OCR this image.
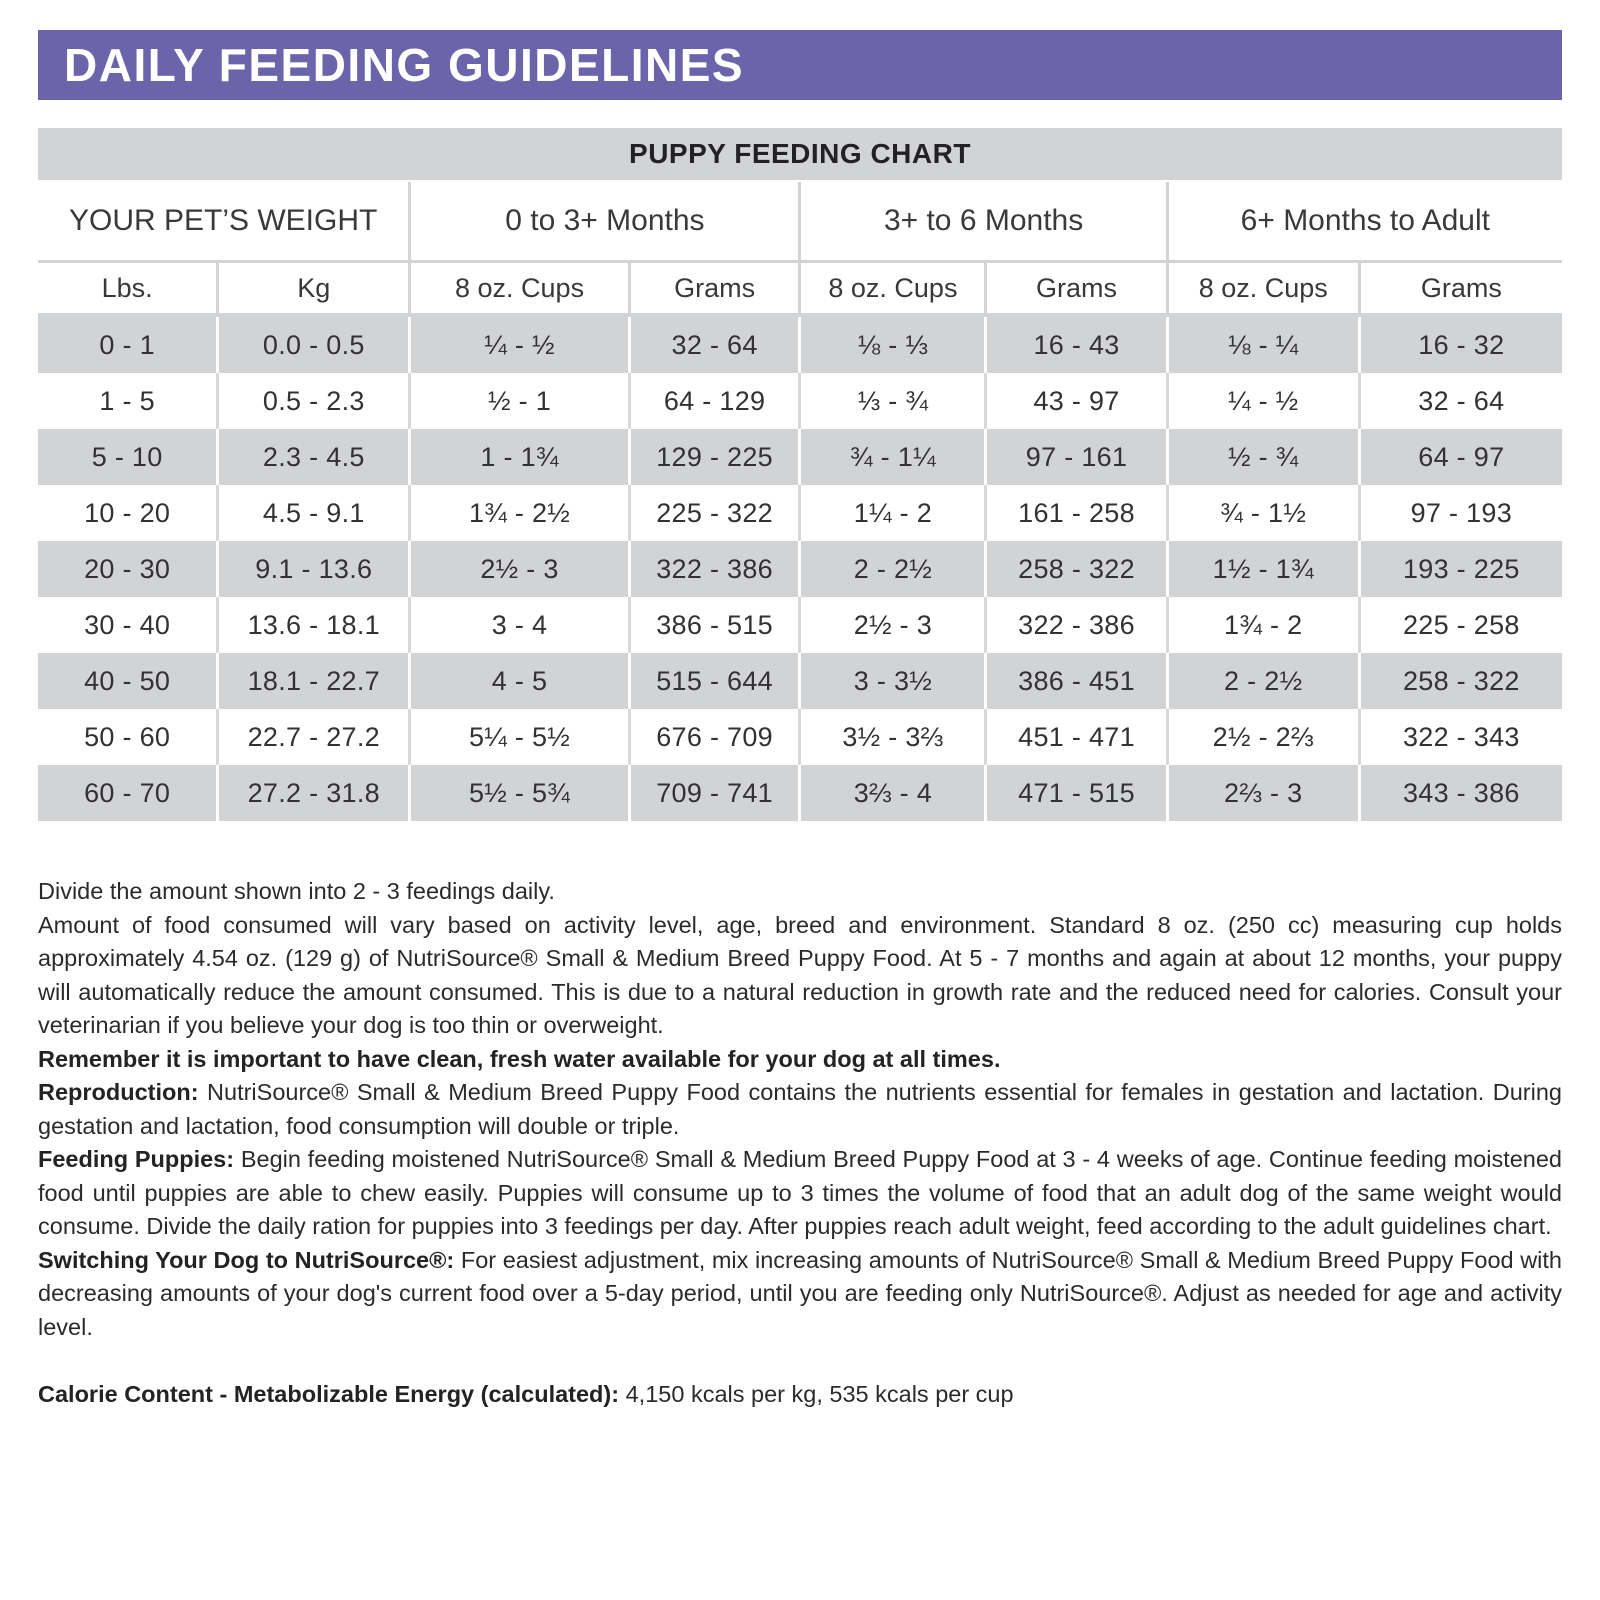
DAILY FEEDING GUIDELINES
PUPPY FEEDING CHART
YOUR PET’S WEIGHT	0 to 3+ Months	3+ to 6 Months	6+ Months to Adult
Lbs.	Kg	8 oz. Cups	Grams	8 oz. Cups	Grams	8 oz. Cups	Grams
0 - 1	0.0 - 0.5	¼ - ½	32 - 64	⅛ - ⅓	16 - 43	⅛ - ¼	16 - 32
1 - 5	0.5 - 2.3	½ - 1	64 - 129	⅓ - ¾	43 - 97	¼ - ½	32 - 64
5 - 10	2.3 - 4.5	1 - 1¾	129 - 225	¾ - 1¼	97 - 161	½ - ¾	64 - 97
10 - 20	4.5 - 9.1	1¾ - 2½	225 - 322	1¼ - 2	161 - 258	¾ - 1½	97 - 193
20 - 30	9.1 - 13.6	2½ - 3	322 - 386	2 - 2½	258 - 322	1½ - 1¾	193 - 225
30 - 40	13.6 - 18.1	3 - 4	386 - 515	2½ - 3	322 - 386	1¾ - 2	225 - 258
40 - 50	18.1 - 22.7	4 - 5	515 - 644	3 - 3½	386 - 451	2 - 2½	258 - 322
50 - 60	22.7 - 27.2	5¼ - 5½	676 - 709	3½ - 3⅔	451 - 471	2½ - 2⅔	322 - 343
60 - 70	27.2 - 31.8	5½ - 5¾	709 - 741	3⅔ - 4	471 - 515	2⅔ - 3	343 - 386

Divide the amount shown into 2 - 3 feedings daily.

Amount of food consumed will vary based on activity level, age, breed and environment. Standard 8 oz. (250 cc) measuring cup holds approximately 4.54 oz. (129 g) of NutriSource® Small & Medium Breed Puppy Food. At 5 - 7 months and again at about 12 months, your puppy will automatically reduce the amount consumed. This is due to a natural reduction in growth rate and the reduced need for calories. Consult your veterinarian if you believe your dog is too thin or overweight.

Remember it is important to have clean, fresh water available for your dog at all times.

Reproduction: NutriSource® Small & Medium Breed Puppy Food contains the nutrients essential for females in gestation and lactation. During gestation and lactation, food consumption will double or triple.

Feeding Puppies: Begin feeding moistened NutriSource® Small & Medium Breed Puppy Food at 3 - 4 weeks of age. Continue feeding moistened food until puppies are able to chew easily. Puppies will consume up to 3 times the volume of food that an adult dog of the same weight would consume. Divide the daily ration for puppies into 3 feedings per day. After puppies reach adult weight, feed according to the adult guidelines chart.

Switching Your Dog to NutriSource®: For easiest adjustment, mix increasing amounts of NutriSource® Small & Medium Breed Puppy Food with decreasing amounts of your dog's current food over a 5-day period, until you are feeding only NutriSource®. Adjust as needed for age and activity level.

Calorie Content - Metabolizable Energy (calculated): 4,150 kcals per kg, 535 kcals per cup
